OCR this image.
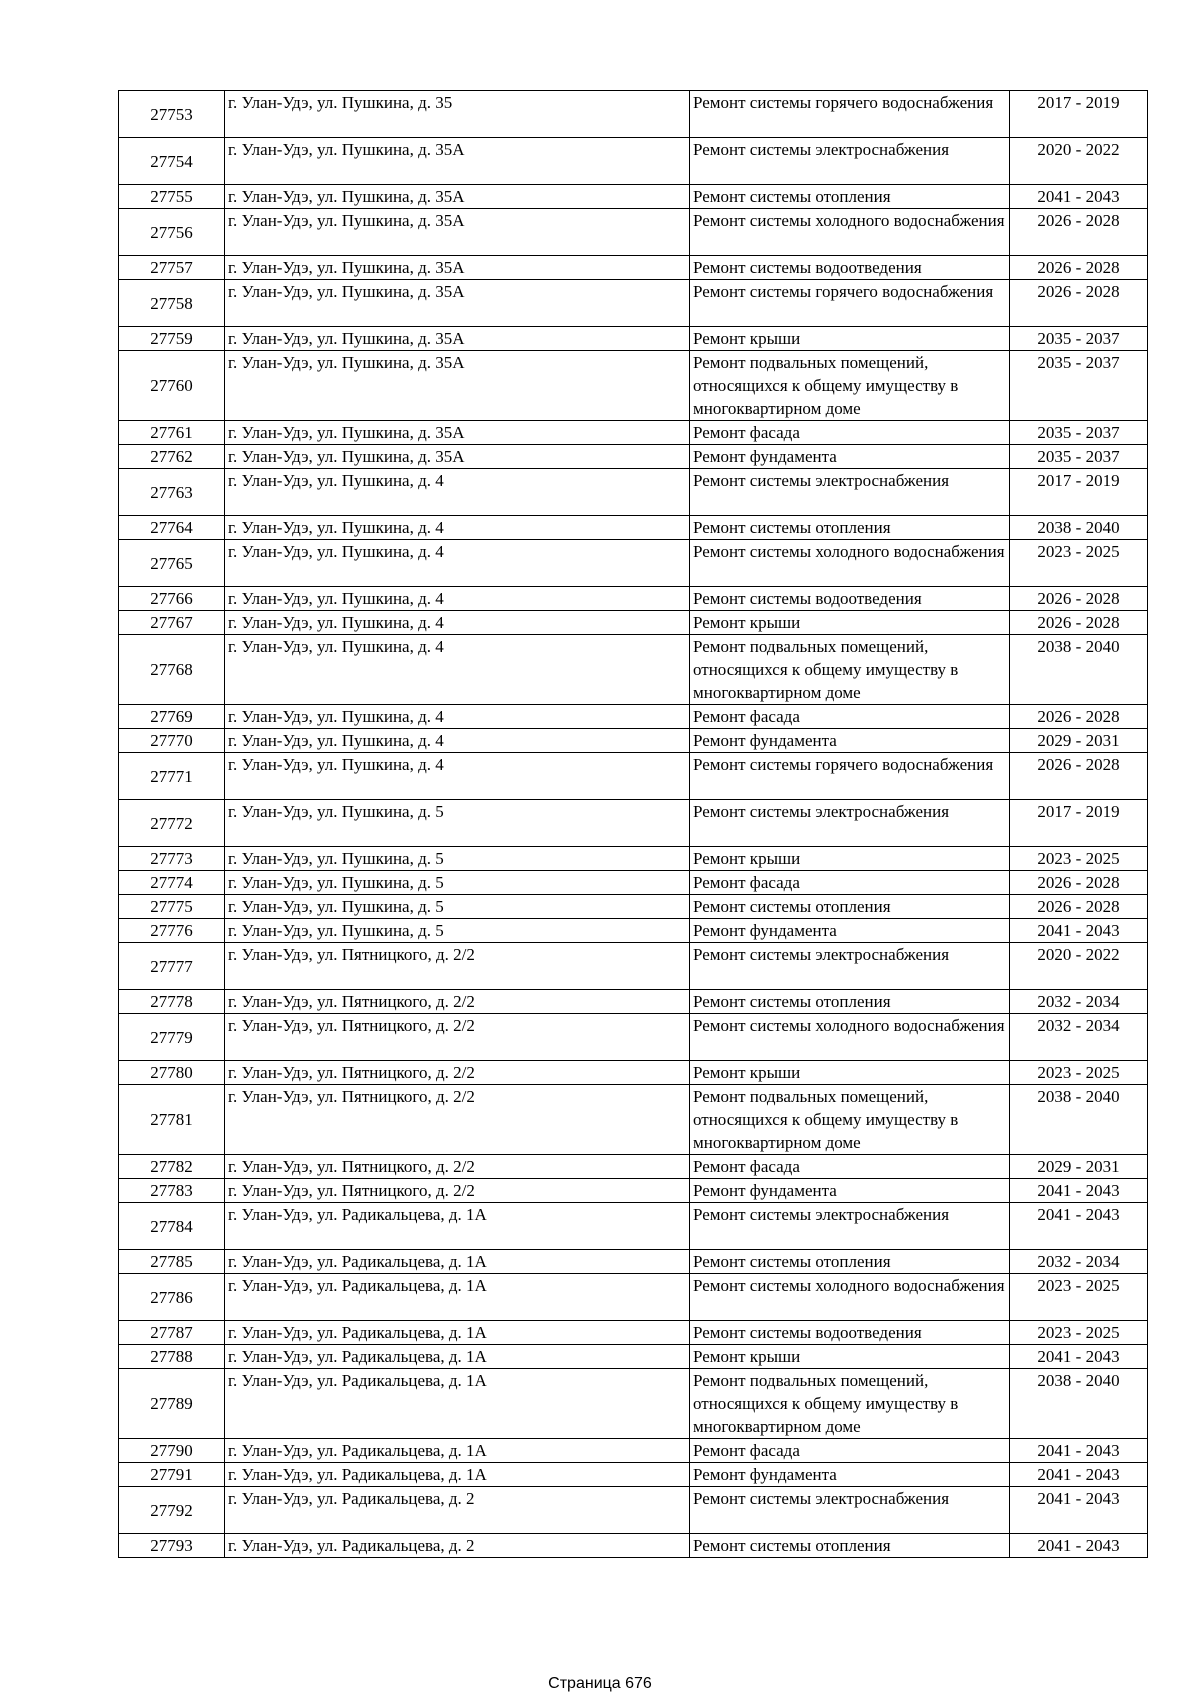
27753	г. Улан-Удэ, ул. Пушкина, д. 35	Ремонт системы горячего водоснабжения	2017 - 2019
27754	г. Улан-Удэ, ул. Пушкина, д. 35А	Ремонт системы электроснабжения	2020 - 2022
27755	г. Улан-Удэ, ул. Пушкина, д. 35А	Ремонт системы отопления	2041 - 2043
27756	г. Улан-Удэ, ул. Пушкина, д. 35А	Ремонт системы холодного водоснабжения	2026 - 2028
27757	г. Улан-Удэ, ул. Пушкина, д. 35А	Ремонт системы водоотведения	2026 - 2028
27758	г. Улан-Удэ, ул. Пушкина, д. 35А	Ремонт системы горячего водоснабжения	2026 - 2028
27759	г. Улан-Удэ, ул. Пушкина, д. 35А	Ремонт крыши	2035 - 2037
27760	г. Улан-Удэ, ул. Пушкина, д. 35А	Ремонт подвальных помещений, относящихся к общему имуществу в многоквартирном доме	2035 - 2037
27761	г. Улан-Удэ, ул. Пушкина, д. 35А	Ремонт фасада	2035 - 2037
27762	г. Улан-Удэ, ул. Пушкина, д. 35А	Ремонт фундамента	2035 - 2037
27763	г. Улан-Удэ, ул. Пушкина, д. 4	Ремонт системы электроснабжения	2017 - 2019
27764	г. Улан-Удэ, ул. Пушкина, д. 4	Ремонт системы отопления	2038 - 2040
27765	г. Улан-Удэ, ул. Пушкина, д. 4	Ремонт системы холодного водоснабжения	2023 - 2025
27766	г. Улан-Удэ, ул. Пушкина, д. 4	Ремонт системы водоотведения	2026 - 2028
27767	г. Улан-Удэ, ул. Пушкина, д. 4	Ремонт крыши	2026 - 2028
27768	г. Улан-Удэ, ул. Пушкина, д. 4	Ремонт подвальных помещений, относящихся к общему имуществу в многоквартирном доме	2038 - 2040
27769	г. Улан-Удэ, ул. Пушкина, д. 4	Ремонт фасада	2026 - 2028
27770	г. Улан-Удэ, ул. Пушкина, д. 4	Ремонт фундамента	2029 - 2031
27771	г. Улан-Удэ, ул. Пушкина, д. 4	Ремонт системы горячего водоснабжения	2026 - 2028
27772	г. Улан-Удэ, ул. Пушкина, д. 5	Ремонт системы электроснабжения	2017 - 2019
27773	г. Улан-Удэ, ул. Пушкина, д. 5	Ремонт крыши	2023 - 2025
27774	г. Улан-Удэ, ул. Пушкина, д. 5	Ремонт фасада	2026 - 2028
27775	г. Улан-Удэ, ул. Пушкина, д. 5	Ремонт системы отопления	2026 - 2028
27776	г. Улан-Удэ, ул. Пушкина, д. 5	Ремонт фундамента	2041 - 2043
27777	г. Улан-Удэ, ул. Пятницкого, д. 2/2	Ремонт системы электроснабжения	2020 - 2022
27778	г. Улан-Удэ, ул. Пятницкого, д. 2/2	Ремонт системы отопления	2032 - 2034
27779	г. Улан-Удэ, ул. Пятницкого, д. 2/2	Ремонт системы холодного водоснабжения	2032 - 2034
27780	г. Улан-Удэ, ул. Пятницкого, д. 2/2	Ремонт крыши	2023 - 2025
27781	г. Улан-Удэ, ул. Пятницкого, д. 2/2	Ремонт подвальных помещений, относящихся к общему имуществу в многоквартирном доме	2038 - 2040
27782	г. Улан-Удэ, ул. Пятницкого, д. 2/2	Ремонт фасада	2029 - 2031
27783	г. Улан-Удэ, ул. Пятницкого, д. 2/2	Ремонт фундамента	2041 - 2043
27784	г. Улан-Удэ, ул. Радикальцева, д. 1А	Ремонт системы электроснабжения	2041 - 2043
27785	г. Улан-Удэ, ул. Радикальцева, д. 1А	Ремонт системы отопления	2032 - 2034
27786	г. Улан-Удэ, ул. Радикальцева, д. 1А	Ремонт системы холодного водоснабжения	2023 - 2025
27787	г. Улан-Удэ, ул. Радикальцева, д. 1А	Ремонт системы водоотведения	2023 - 2025
27788	г. Улан-Удэ, ул. Радикальцева, д. 1А	Ремонт крыши	2041 - 2043
27789	г. Улан-Удэ, ул. Радикальцева, д. 1А	Ремонт подвальных помещений, относящихся к общему имуществу в многоквартирном доме	2038 - 2040
27790	г. Улан-Удэ, ул. Радикальцева, д. 1А	Ремонт фасада	2041 - 2043
27791	г. Улан-Удэ, ул. Радикальцева, д. 1А	Ремонт фундамента	2041 - 2043
27792	г. Улан-Удэ, ул. Радикальцева, д. 2	Ремонт системы электроснабжения	2041 - 2043
27793	г. Улан-Удэ, ул. Радикальцева, д. 2	Ремонт системы отопления	2041 - 2043
Страница 676
